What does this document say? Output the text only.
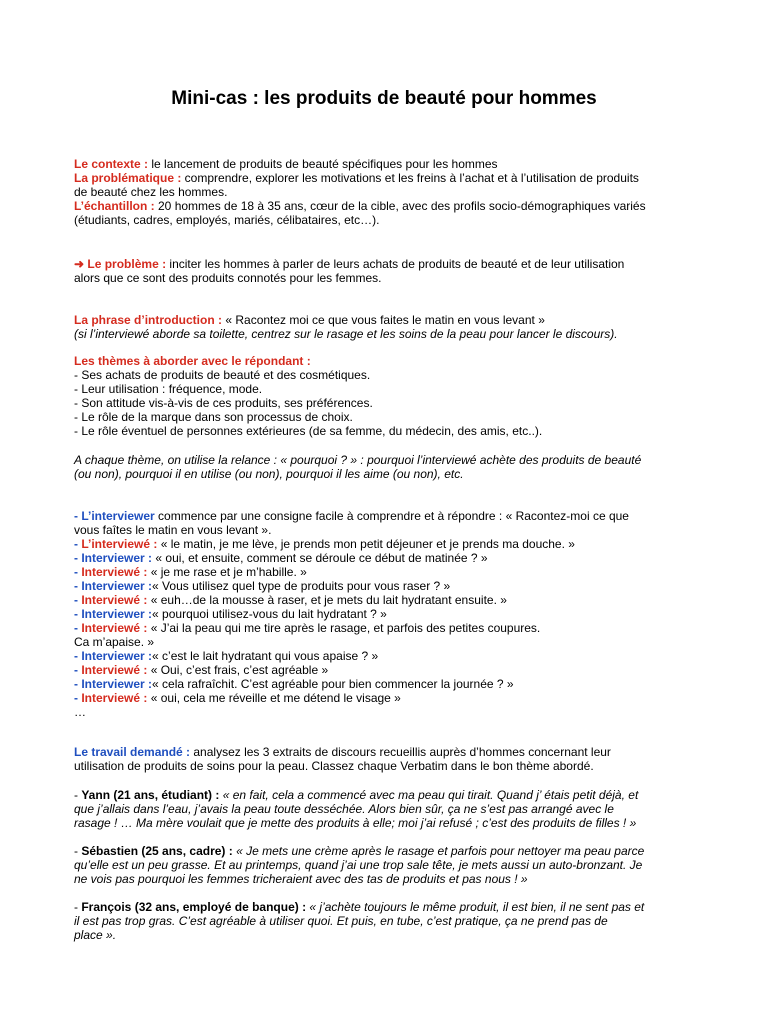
Mini-cas : les produits de beauté pour hommes
Le contexte : le lancement de produits de beauté spécifiques pour les hommes
La problématique : comprendre, explorer les motivations et les freins à l’achat et à l’utilisation de produits
de beauté chez les hommes.
L’échantillon : 20 hommes de 18 à 35 ans, cœur de la cible, avec des profils socio-démographiques variés
(étudiants, cadres, employés, mariés, célibataires, etc…).
➜ Le problème : inciter les hommes à parler de leurs achats de produits de beauté et de leur utilisation
alors que ce sont des produits connotés pour les femmes.
La phrase d’introduction : « Racontez moi ce que vous faites le matin en vous levant »
(si l’interviewé aborde sa toilette, centrez sur le rasage et les soins de la peau pour lancer le discours).
Les thèmes à aborder avec le répondant :
- Ses achats de produits de beauté et des cosmétiques.
- Leur utilisation : fréquence, mode.
- Son attitude vis-à-vis de ces produits, ses préférences.
- Le rôle de la marque dans son processus de choix.
- Le rôle éventuel de personnes extérieures (de sa femme, du médecin, des amis, etc..).
A chaque thème, on utilise la relance : « pourquoi ? » : pourquoi l’interviewé achète des produits de beauté
(ou non), pourquoi il en utilise (ou non), pourquoi il les aime (ou non), etc.
- L’interviewer commence par une consigne facile à comprendre et à répondre : « Racontez-moi ce que
vous faîtes le matin en vous levant ».
- L’interviewé : « le matin, je me lève, je prends mon petit déjeuner et je prends ma douche. »
- Interviewer : « oui, et ensuite, comment se déroule ce début de matinée ? »
- Interviewé : « je me rase et je m’habille. »
- Interviewer :« Vous utilisez quel type de produits pour vous raser ? »
- Interviewé : « euh…de la mousse à raser, et je mets du lait hydratant ensuite. »
- Interviewer :« pourquoi utilisez-vous du lait hydratant ? »
- Interviewé : « J’ai la peau qui me tire après le rasage, et parfois des petites coupures.
Ca m’apaise. »
- Interviewer :« c’est le lait hydratant qui vous apaise ? »
- Interviewé : « Oui, c’est frais, c’est agréable »
- Interviewer :« cela rafraîchit. C’est agréable pour bien commencer la journée ? »
- Interviewé : « oui, cela me réveille et me détend le visage »
…
Le travail demandé : analysez les 3 extraits de discours recueillis auprès d’hommes concernant leur
utilisation de produits de soins pour la peau. Classez chaque Verbatim dans le bon thème abordé.
- Yann (21 ans, étudiant) : « en fait, cela a commencé avec ma peau qui tirait. Quand j’ étais petit déjà, et
que j’allais dans l’eau, j’avais la peau toute desséchée. Alors bien sûr, ça ne s’est pas arrangé avec le
rasage ! … Ma mère voulait que je mette des produits à elle; moi j’ai refusé ; c’est des produits de filles ! »
- Sébastien (25 ans, cadre) : « Je mets une crème après le rasage et parfois pour nettoyer ma peau parce
qu’elle est un peu grasse. Et au printemps, quand j’ai une trop sale tête, je mets aussi un auto-bronzant. Je
ne vois pas pourquoi les femmes tricheraient avec des tas de produits et pas nous ! »
- François (32 ans, employé de banque) : « j’achète toujours le même produit, il est bien, il ne sent pas et
il est pas trop gras. C’est agréable à utiliser quoi. Et puis, en tube, c’est pratique, ça ne prend pas de
place ».
